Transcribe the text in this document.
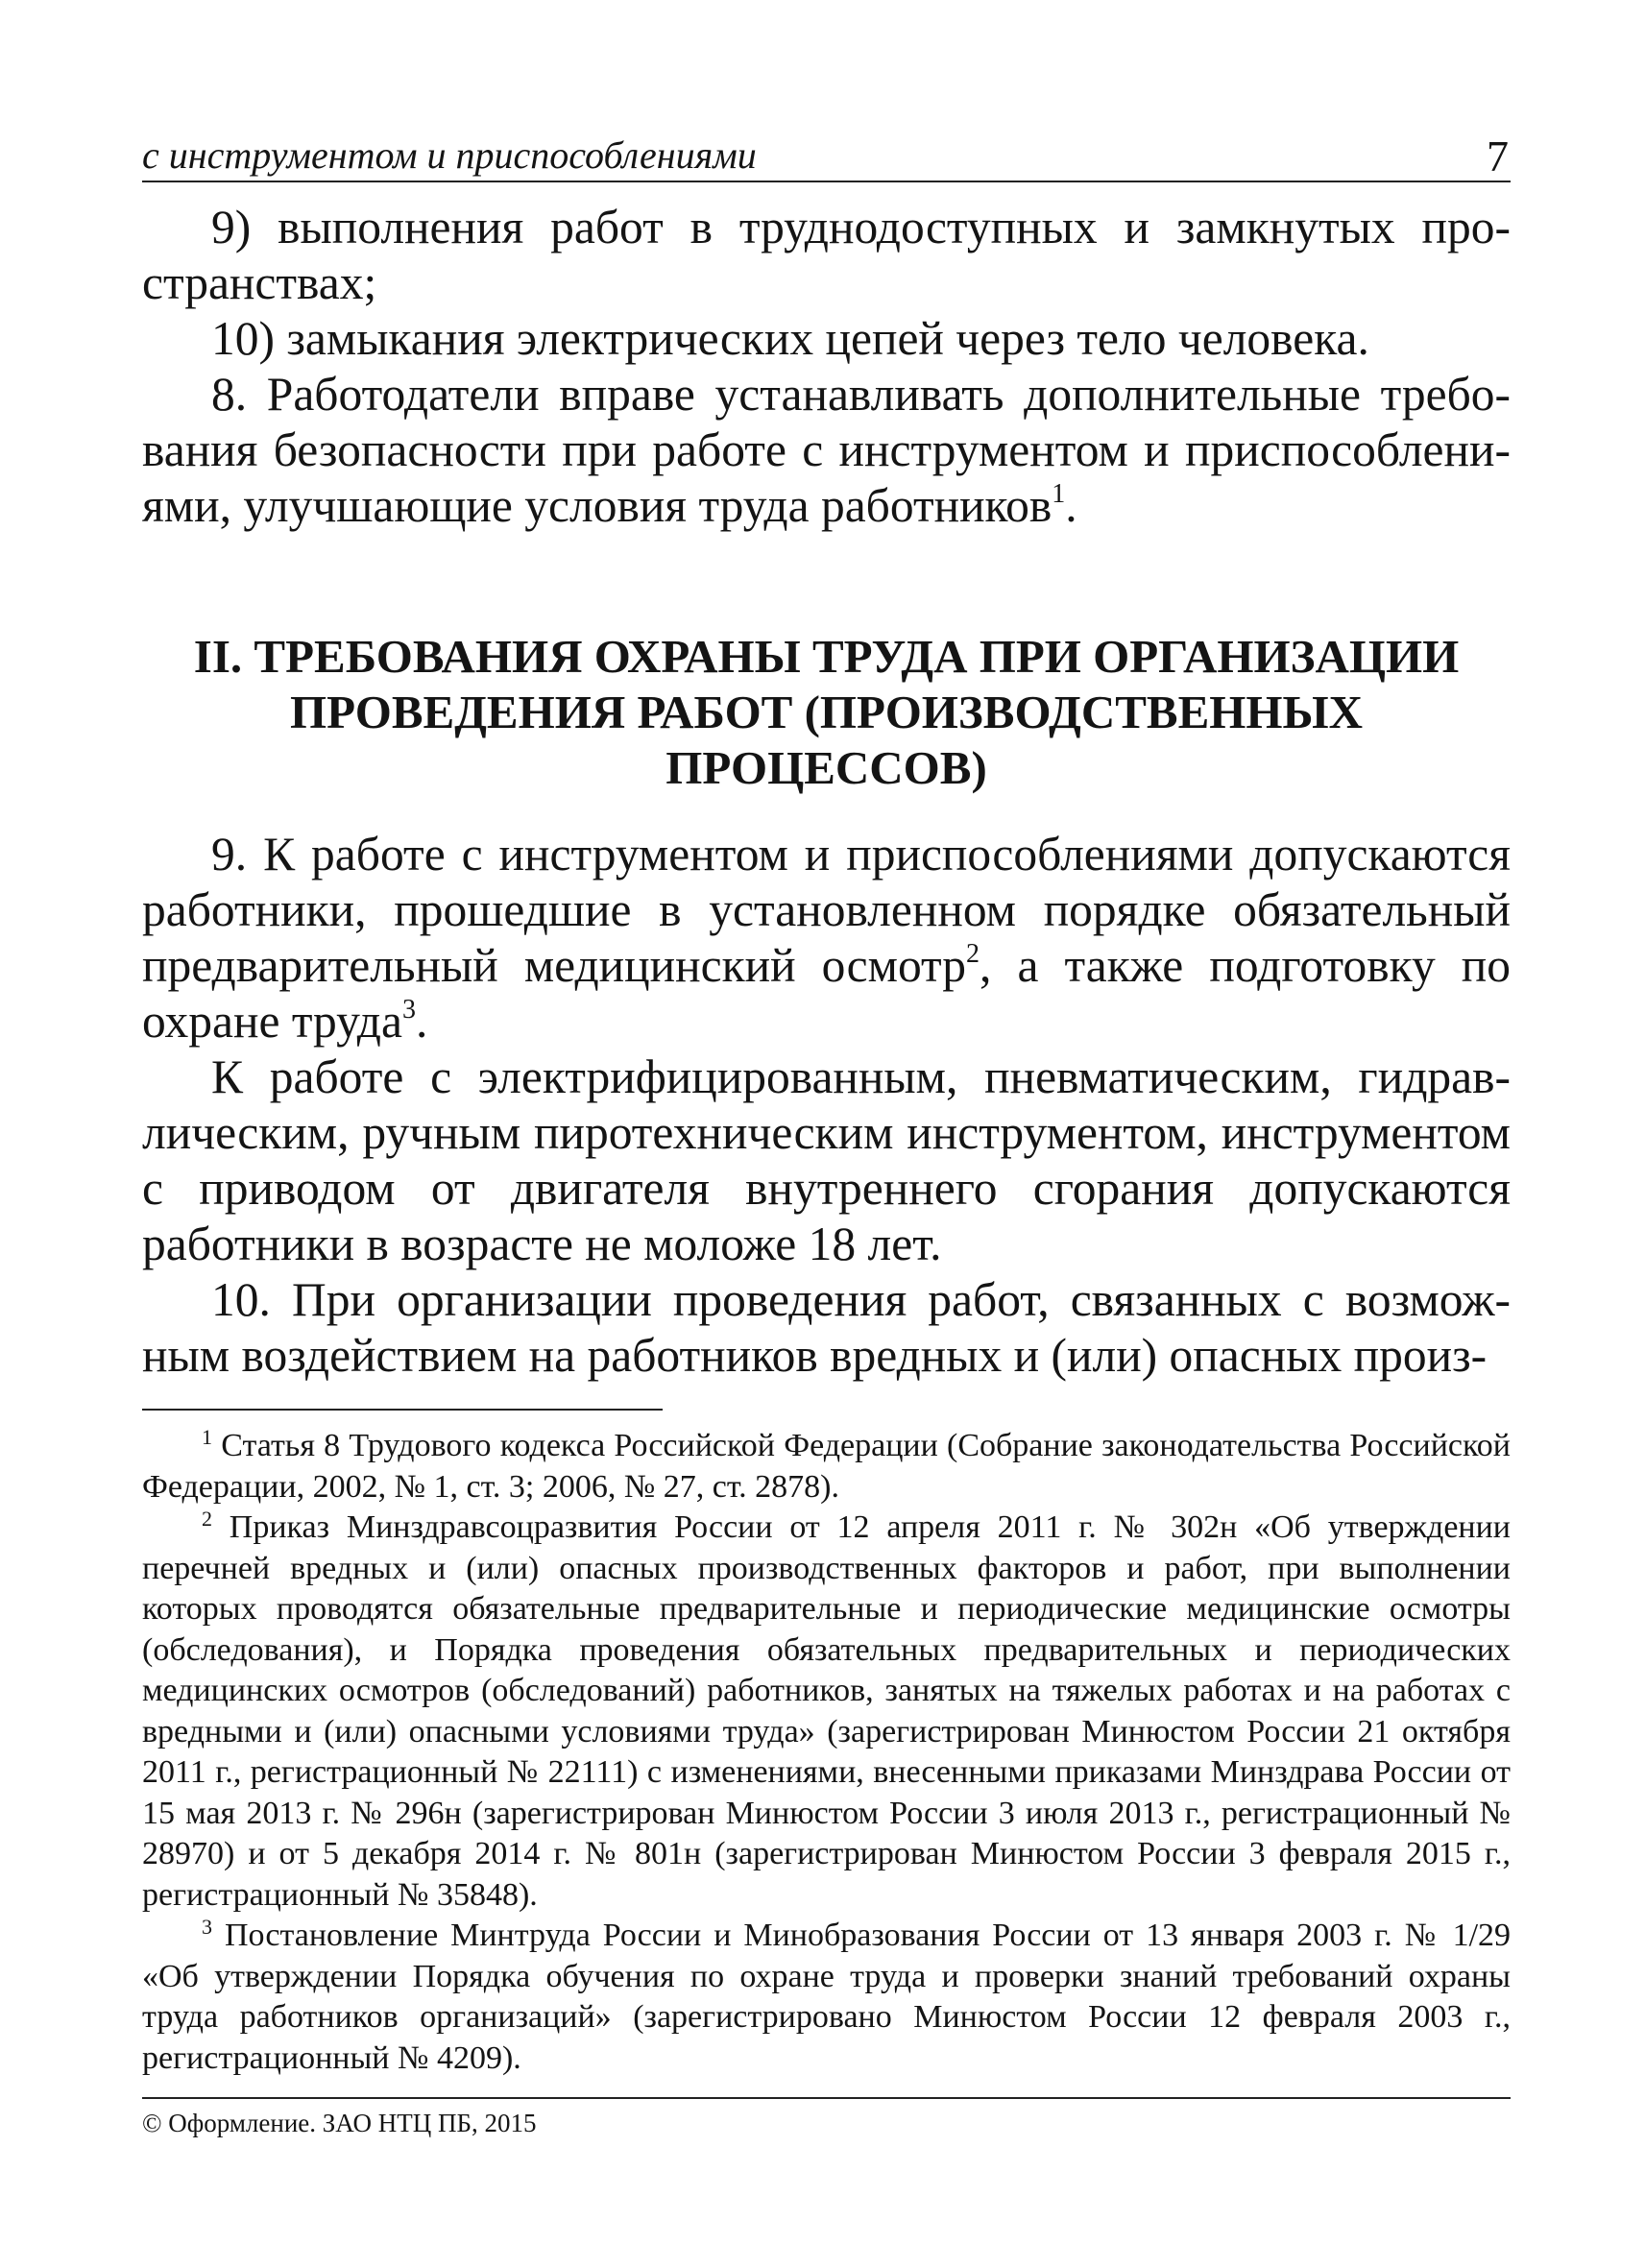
с инструментом и приспособлениями	7

9) выполнения работ в труднодоступных и замкнутых пространствах;

10) замыкания электрических цепей через тело человека.

8. Работодатели вправе устанавливать дополнительные требования безопасности при работе с инструментом и приспособлениями, улучшающие условия труда работников$^1$.

II. ТРЕБОВАНИЯ ОХРАНЫ ТРУДА ПРИ ОРГАНИЗАЦИИ
ПРОВЕДЕНИЯ РАБОТ (ПРОИЗВОДСТВЕННЫХ
ПРОЦЕССОВ)

9. К работе с инструментом и приспособлениями допускаются работники, прошедшие в установленном порядке обязательный предварительный медицинский осмотр$^2$, а также подготовку по охране труда$^3$.

К работе с электрифицированным, пневматическим, гидравлическим, ручным пиротехническим инструментом, инструментом с приводом от двигателя внутреннего сгорания допускаются работники в возрасте не моложе 18 лет.

10. При организации проведения работ, связанных с возможным воздействием на работников вредных и (или) опасных произ-

$^1$ Статья 8 Трудового кодекса Российской Федерации (Собрание законодательства Российской Федерации, 2002, № 1, ст. 3; 2006, № 27, ст. 2878).

$^2$ Приказ Минздравсоцразвития России от 12 апреля 2011 г. № 302н «Об утверждении перечней вредных и (или) опасных производственных факторов и работ, при выполнении которых проводятся обязательные предварительные и периодические медицинские осмотры (обследования), и Порядка проведения обязательных предварительных и периодических медицинских осмотров (обследований) работников, занятых на тяжелых работах и на работах с вредными и (или) опасными условиями труда» (зарегистрирован Минюстом России 21 октября 2011 г., регистрационный № 22111) с изменениями, внесенными приказами Минздрава России от 15 мая 2013 г. № 296н (зарегистрирован Минюстом России 3 июля 2013 г., регистрационный № 28970) и от 5 декабря 2014 г. № 801н (зарегистрирован Минюстом России 3 февраля 2015 г., регистрационный № 35848).

$^3$ Постановление Минтруда России и Минобразования России от 13 января 2003 г. № 1/29 «Об утверждении Порядка обучения по охране труда и проверки знаний требований охраны труда работников организаций» (зарегистрировано Минюстом России 12 февраля 2003 г., регистрационный № 4209).

© Оформление. ЗАО НТЦ ПБ, 2015
